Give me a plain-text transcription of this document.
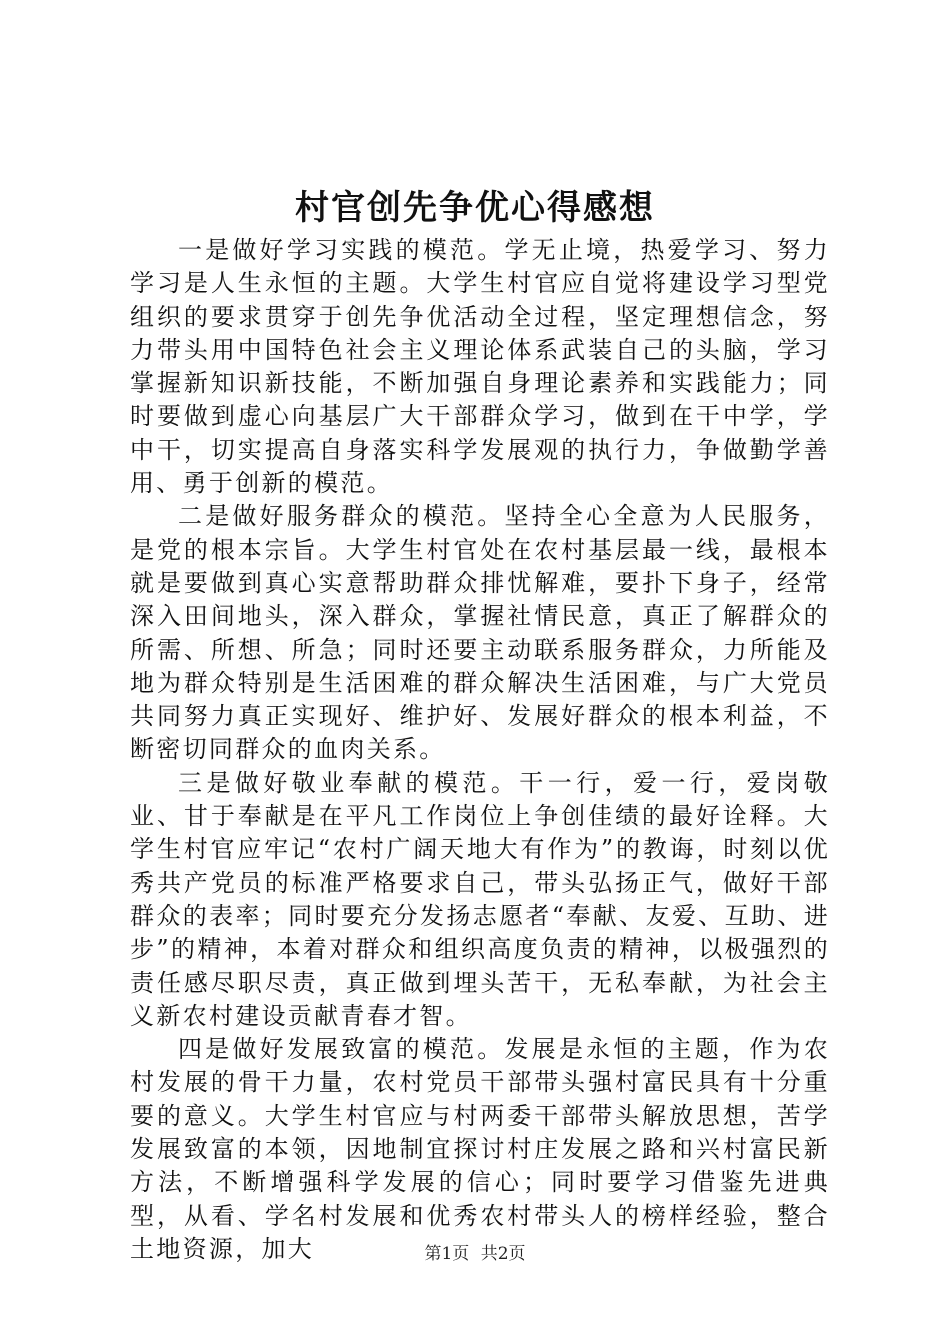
村官创先争优心得感想

一是做好学习实践的模范。学无止境，热爱学习、努力学习是人生永恒的主题。大学生村官应自觉将建设学习型党组织的要求贯穿于创先争优活动全过程，坚定理想信念，努力带头用中国特色社会主义理论体系武装自己的头脑，学习掌握新知识新技能，不断加强自身理论素养和实践能力；同时要做到虚心向基层广大干部群众学习，做到在干中学，学中干，切实提高自身落实科学发展观的执行力，争做勤学善用、勇于创新的模范。

二是做好服务群众的模范。坚持全心全意为人民服务，是党的根本宗旨。大学生村官处在农村基层最一线，最根本就是要做到真心实意帮助群众排忧解难，要扑下身子，经常深入田间地头，深入群众，掌握社情民意，真正了解群众的所需、所想、所急；同时还要主动联系服务群众，力所能及地为群众特别是生活困难的群众解决生活困难，与广大党员共同努力真正实现好、维护好、发展好群众的根本利益，不断密切同群众的血肉关系。

三是做好敬业奉献的模范。干一行，爱一行，爱岗敬业、甘于奉献是在平凡工作岗位上争创佳绩的最好诠释。大学生村官应牢记“农村广阔天地大有作为”的教诲，时刻以优秀共产党员的标准严格要求自己，带头弘扬正气，做好干部群众的表率；同时要充分发扬志愿者“奉献、友爱、互助、进步”的精神，本着对群众和组织高度负责的精神，以极强烈的责任感尽职尽责，真正做到埋头苦干，无私奉献，为社会主义新农村建设贡献青春才智。

四是做好发展致富的模范。发展是永恒的主题，作为农村发展的骨干力量，农村党员干部带头强村富民具有十分重要的意义。大学生村官应与村两委干部带头解放思想，苦学发展致富的本领，因地制宜探讨村庄发展之路和兴村富民新方法，不断增强科学发展的信心；同时要学习借鉴先进典型，从看、学名村发展和优秀农村带头人的榜样经验，整合土地资源，加大	第1页 共2页
